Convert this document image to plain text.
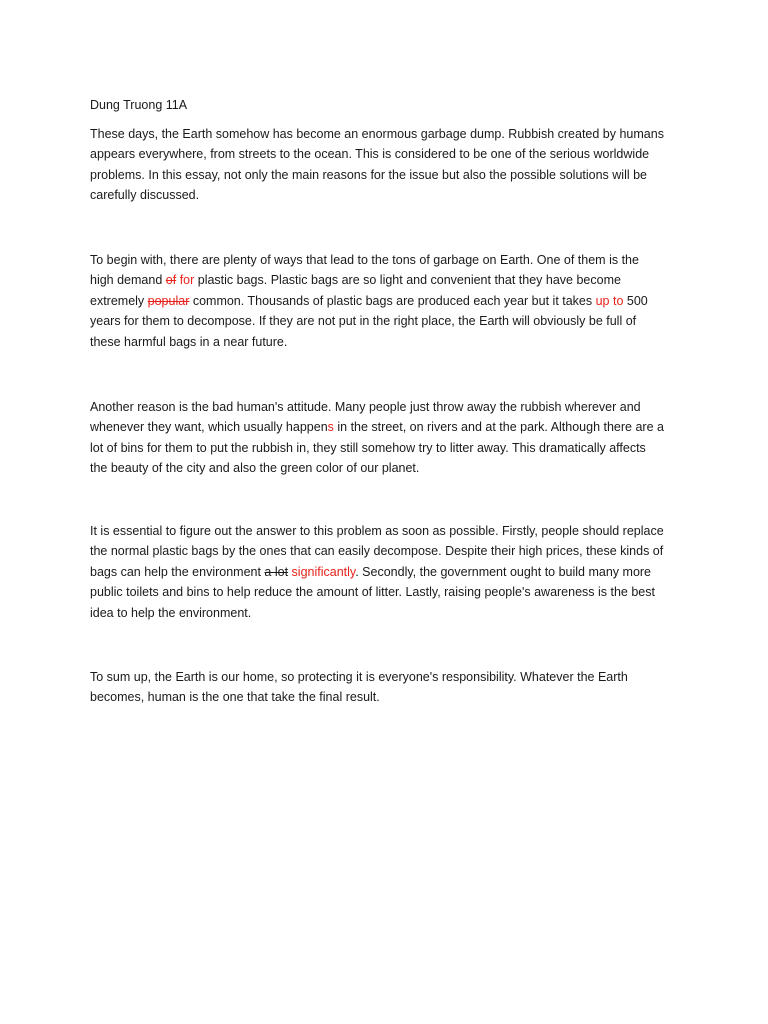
Dung Truong 11A

These days, the Earth somehow has become an enormous garbage dump. Rubbish created by humans
appears everywhere, from streets to the ocean. This is considered to be one of the serious worldwide
problems. In this essay, not only the main reasons for the issue but also the possible solutions will be
carefully discussed.

To begin with, there are plenty of ways that lead to the tons of garbage on Earth. One of them is the
high demand of for plastic bags. Plastic bags are so light and convenient that they have become
extremely popular common. Thousands of plastic bags are produced each year but it takes up to 500
years for them to decompose. If they are not put in the right place, the Earth will obviously be full of
these harmful bags in a near future.

Another reason is the bad human's attitude. Many people just throw away the rubbish wherever and
whenever they want, which usually happens in the street, on rivers and at the park. Although there are a
lot of bins for them to put the rubbish in, they still somehow try to litter away. This dramatically affects
the beauty of the city and also the green color of our planet.

It is essential to figure out the answer to this problem as soon as possible. Firstly, people should replace
the normal plastic bags by the ones that can easily decompose. Despite their high prices, these kinds of
bags can help the environment a lot significantly. Secondly, the government ought to build many more
public toilets and bins to help reduce the amount of litter. Lastly, raising people's awareness is the best
idea to help the environment.

To sum up, the Earth is our home, so protecting it is everyone's responsibility. Whatever the Earth
becomes, human is the one that take the final result.
